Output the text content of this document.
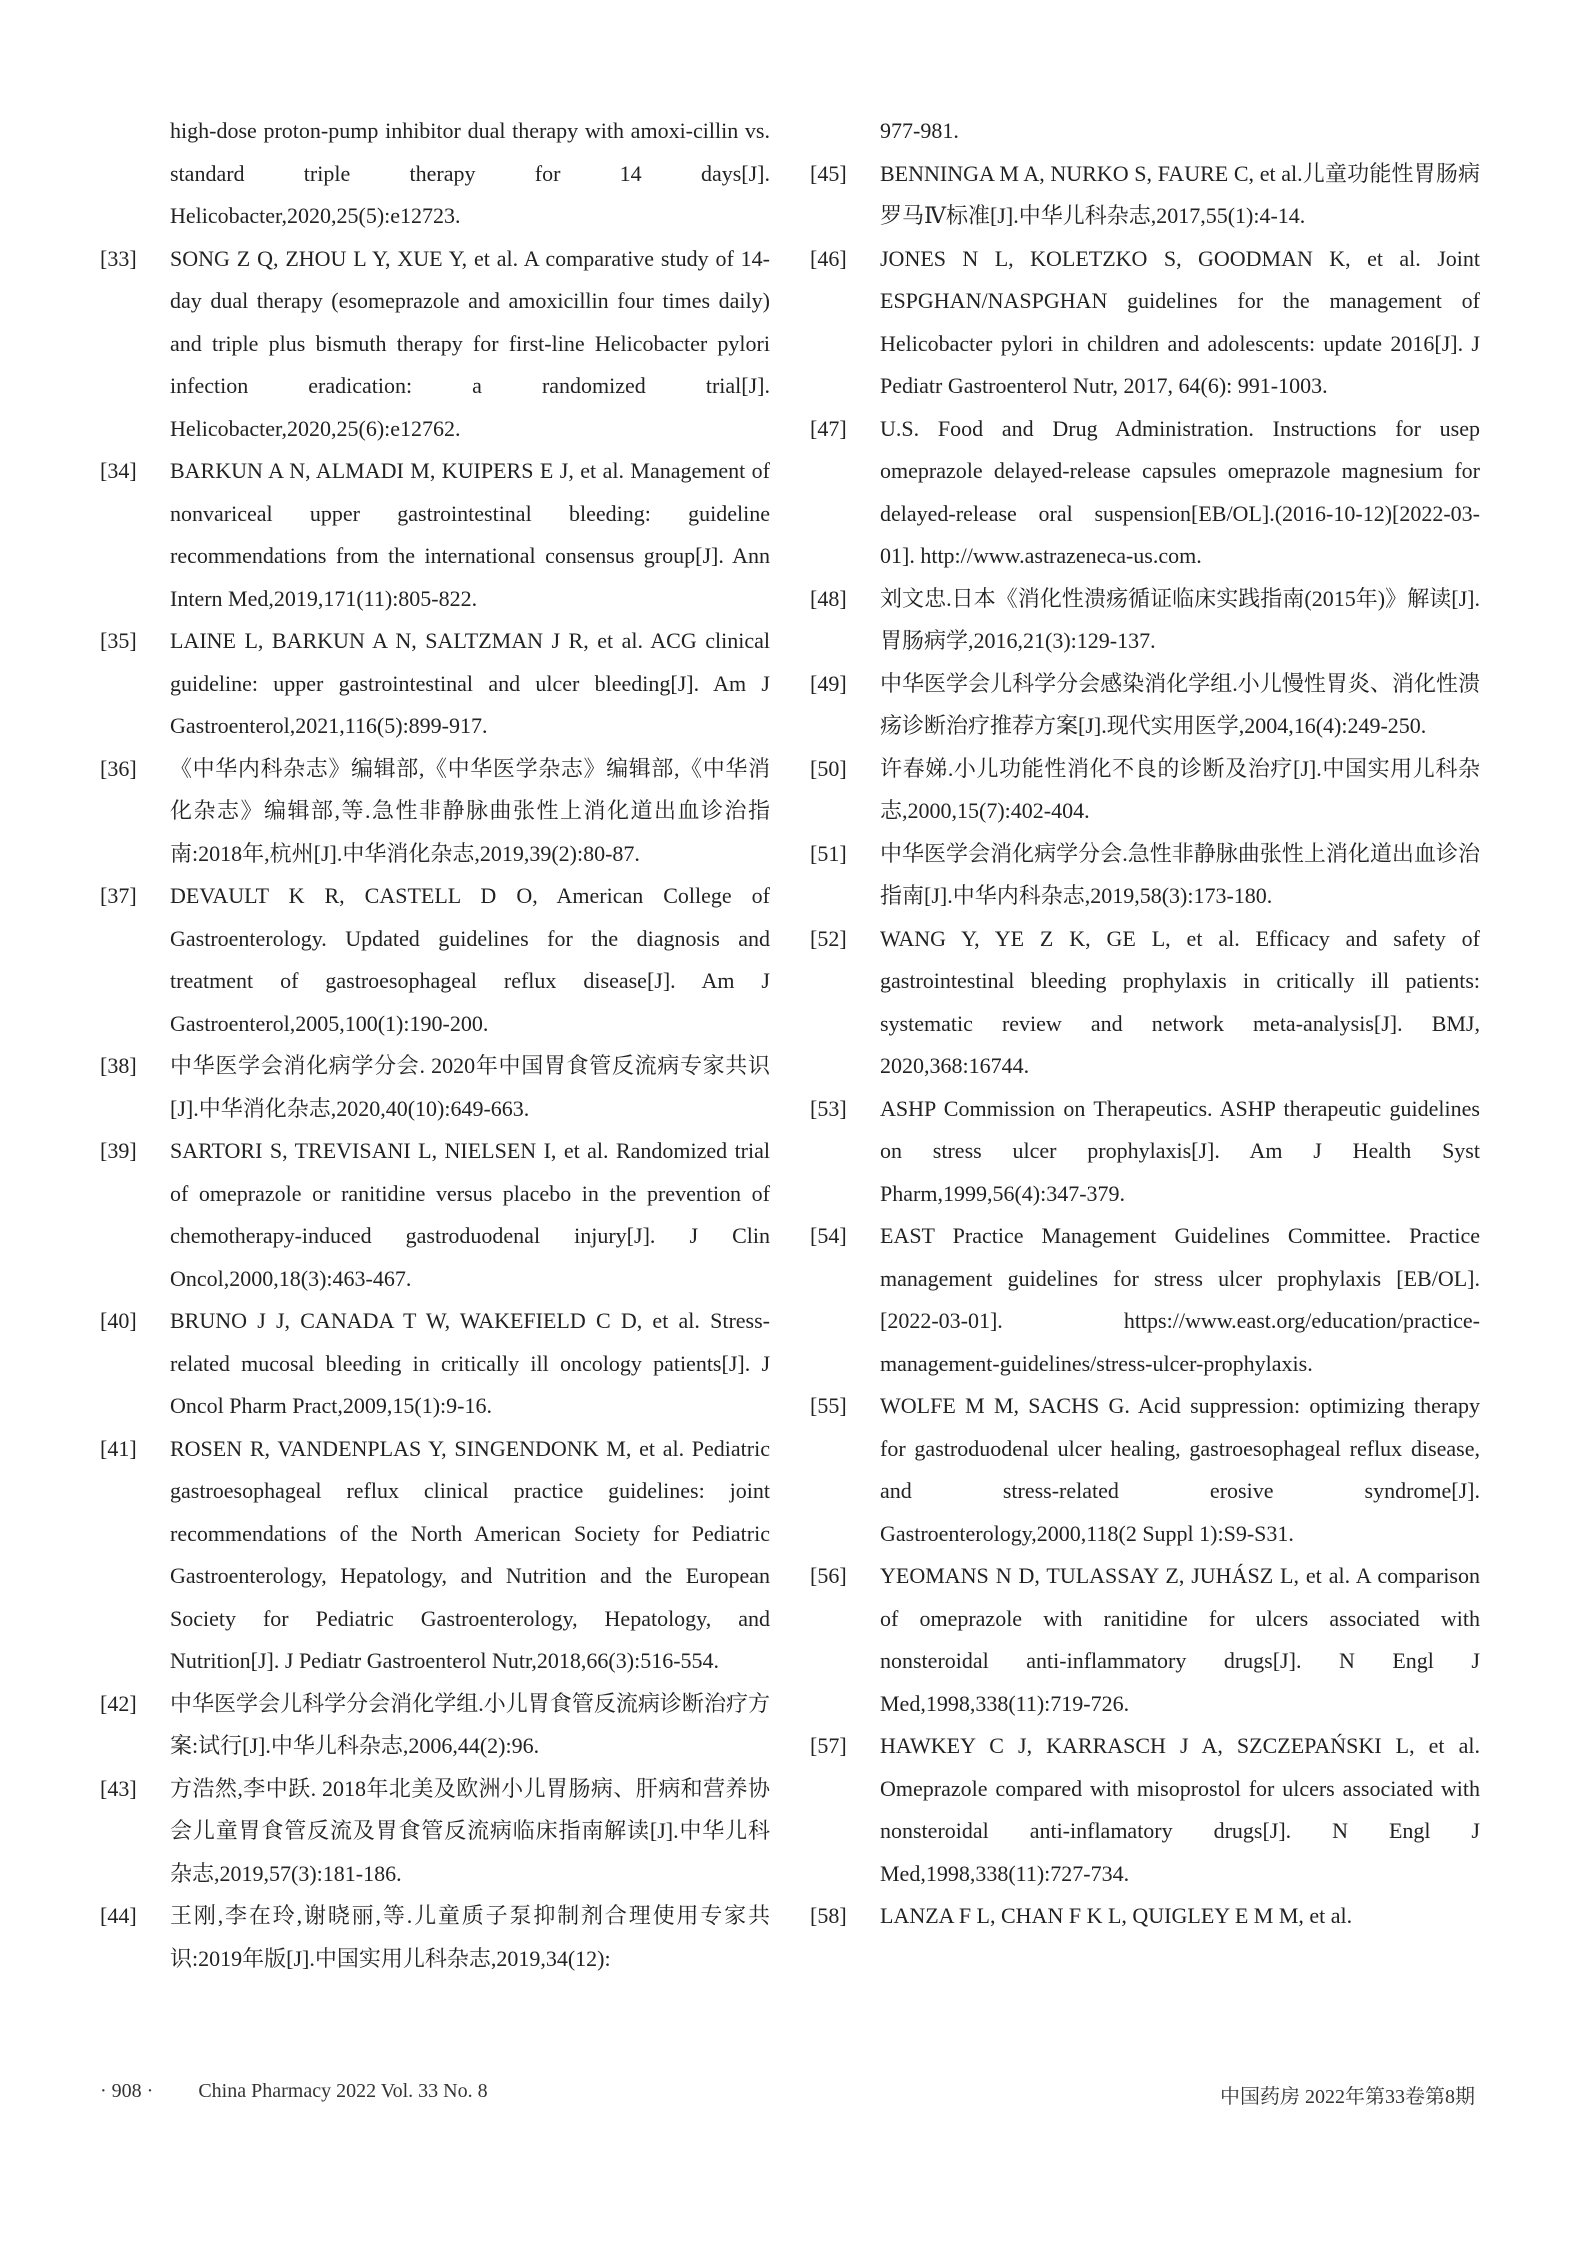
high-dose proton-pump inhibitor dual therapy with amoxi-cillin vs. standard triple therapy for 14 days[J]. Helicobacter,2020,25(5):e12723.
[33]	SONG Z Q, ZHOU L Y, XUE Y, et al. A comparative study of 14-day dual therapy (esomeprazole and amoxicillin four times daily) and triple plus bismuth therapy for first-line Helicobacter pylori infection eradication: a randomized trial[J]. Helicobacter,2020,25(6):e12762.
[34]	BARKUN A N, ALMADI M, KUIPERS E J, et al. Management of nonvariceal upper gastrointestinal bleeding: guideline recommendations from the international consensus group[J]. Ann Intern Med,2019,171(11):805-822.
[35]	LAINE L, BARKUN A N, SALTZMAN J R, et al. ACG clinical guideline: upper gastrointestinal and ulcer bleeding[J]. Am J Gastroenterol,2021,116(5):899-917.
[36]	《中华内科杂志》编辑部,《中华医学杂志》编辑部,《中华消化杂志》编辑部,等.急性非静脉曲张性上消化道出血诊治指南:2018年,杭州[J].中华消化杂志,2019,39(2):80-87.
[37]	DEVAULT K R, CASTELL D O, American College of Gastroenterology. Updated guidelines for the diagnosis and treatment of gastroesophageal reflux disease[J]. Am J Gastroenterol,2005,100(1):190-200.
[38]	中华医学会消化病学分会. 2020年中国胃食管反流病专家共识[J].中华消化杂志,2020,40(10):649-663.
[39]	SARTORI S, TREVISANI L, NIELSEN I, et al. Randomized trial of omeprazole or ranitidine versus placebo in the prevention of chemotherapy-induced gastroduodenal injury[J]. J Clin Oncol,2000,18(3):463-467.
[40]	BRUNO J J, CANADA T W, WAKEFIELD C D, et al. Stress-related mucosal bleeding in critically ill oncology patients[J]. J Oncol Pharm Pract,2009,15(1):9-16.
[41]	ROSEN R, VANDENPLAS Y, SINGENDONK M, et al. Pediatric gastroesophageal reflux clinical practice guidelines: joint recommendations of the North American Society for Pediatric Gastroenterology, Hepatology, and Nutrition and the European Society for Pediatric Gastroenterology, Hepatology, and Nutrition[J]. J Pediatr Gastroenterol Nutr,2018,66(3):516-554.
[42]	中华医学会儿科学分会消化学组.小儿胃食管反流病诊断治疗方案:试行[J].中华儿科杂志,2006,44(2):96.
[43]	方浩然,李中跃. 2018年北美及欧洲小儿胃肠病、肝病和营养协会儿童胃食管反流及胃食管反流病临床指南解读[J].中华儿科杂志,2019,57(3):181-186.
[44]	王刚,李在玲,谢晓丽,等.儿童质子泵抑制剂合理使用专家共识:2019年版[J].中国实用儿科杂志,2019,34(12):
977-981.
[45]	BENNINGA M A, NURKO S, FAURE C, et al.儿童功能性胃肠病罗马Ⅳ标准[J].中华儿科杂志,2017,55(1):4-14.
[46]	JONES N L, KOLETZKO S, GOODMAN K, et al. Joint ESPGHAN/NASPGHAN guidelines for the management of Helicobacter pylori in children and adolescents: update 2016[J]. J Pediatr Gastroenterol Nutr, 2017, 64(6): 991-1003.
[47]	U.S. Food and Drug Administration. Instructions for usep omeprazole delayed-release capsules omeprazole magnesium for delayed-release oral suspension[EB/OL].(2016-10-12)[2022-03-01]. http://www.astrazeneca-us.com.
[48]	刘文忠.日本《消化性溃疡循证临床实践指南(2015年)》解读[J].胃肠病学,2016,21(3):129-137.
[49]	中华医学会儿科学分会感染消化学组.小儿慢性胃炎、消化性溃疡诊断治疗推荐方案[J].现代实用医学,2004,16(4):249-250.
[50]	许春娣.小儿功能性消化不良的诊断及治疗[J].中国实用儿科杂志,2000,15(7):402-404.
[51]	中华医学会消化病学分会.急性非静脉曲张性上消化道出血诊治指南[J].中华内科杂志,2019,58(3):173-180.
[52]	WANG Y, YE Z K, GE L, et al. Efficacy and safety of gastrointestinal bleeding prophylaxis in critically ill patients: systematic review and network meta-analysis[J]. BMJ, 2020,368:16744.
[53]	ASHP Commission on Therapeutics. ASHP therapeutic guidelines on stress ulcer prophylaxis[J]. Am J Health Syst Pharm,1999,56(4):347-379.
[54]	EAST Practice Management Guidelines Committee. Practice management guidelines for stress ulcer prophylaxis [EB/OL]. [2022-03-01]. https://www.east.org/education/practice-management-guidelines/stress-ulcer-prophylaxis.
[55]	WOLFE M M, SACHS G. Acid suppression: optimizing therapy for gastroduodenal ulcer healing, gastroesophageal reflux disease, and stress-related erosive syndrome[J]. Gastroenterology,2000,118(2 Suppl 1):S9-S31.
[56]	YEOMANS N D, TULASSAY Z, JUHÁSZ L, et al. A comparison of omeprazole with ranitidine for ulcers associated with nonsteroidal anti-inflammatory drugs[J]. N Engl J Med,1998,338(11):719-726.
[57]	HAWKEY C J, KARRASCH J A, SZCZEPAŃSKI L, et al. Omeprazole compared with misoprostol for ulcers associated with nonsteroidal anti-inflamatory drugs[J]. N Engl J Med,1998,338(11):727-734.
[58]	LANZA F L, CHAN F K L, QUIGLEY E M M, et al.
· 908 · China Pharmacy 2022 Vol. 33 No. 8	中国药房 2022年第33卷第8期
